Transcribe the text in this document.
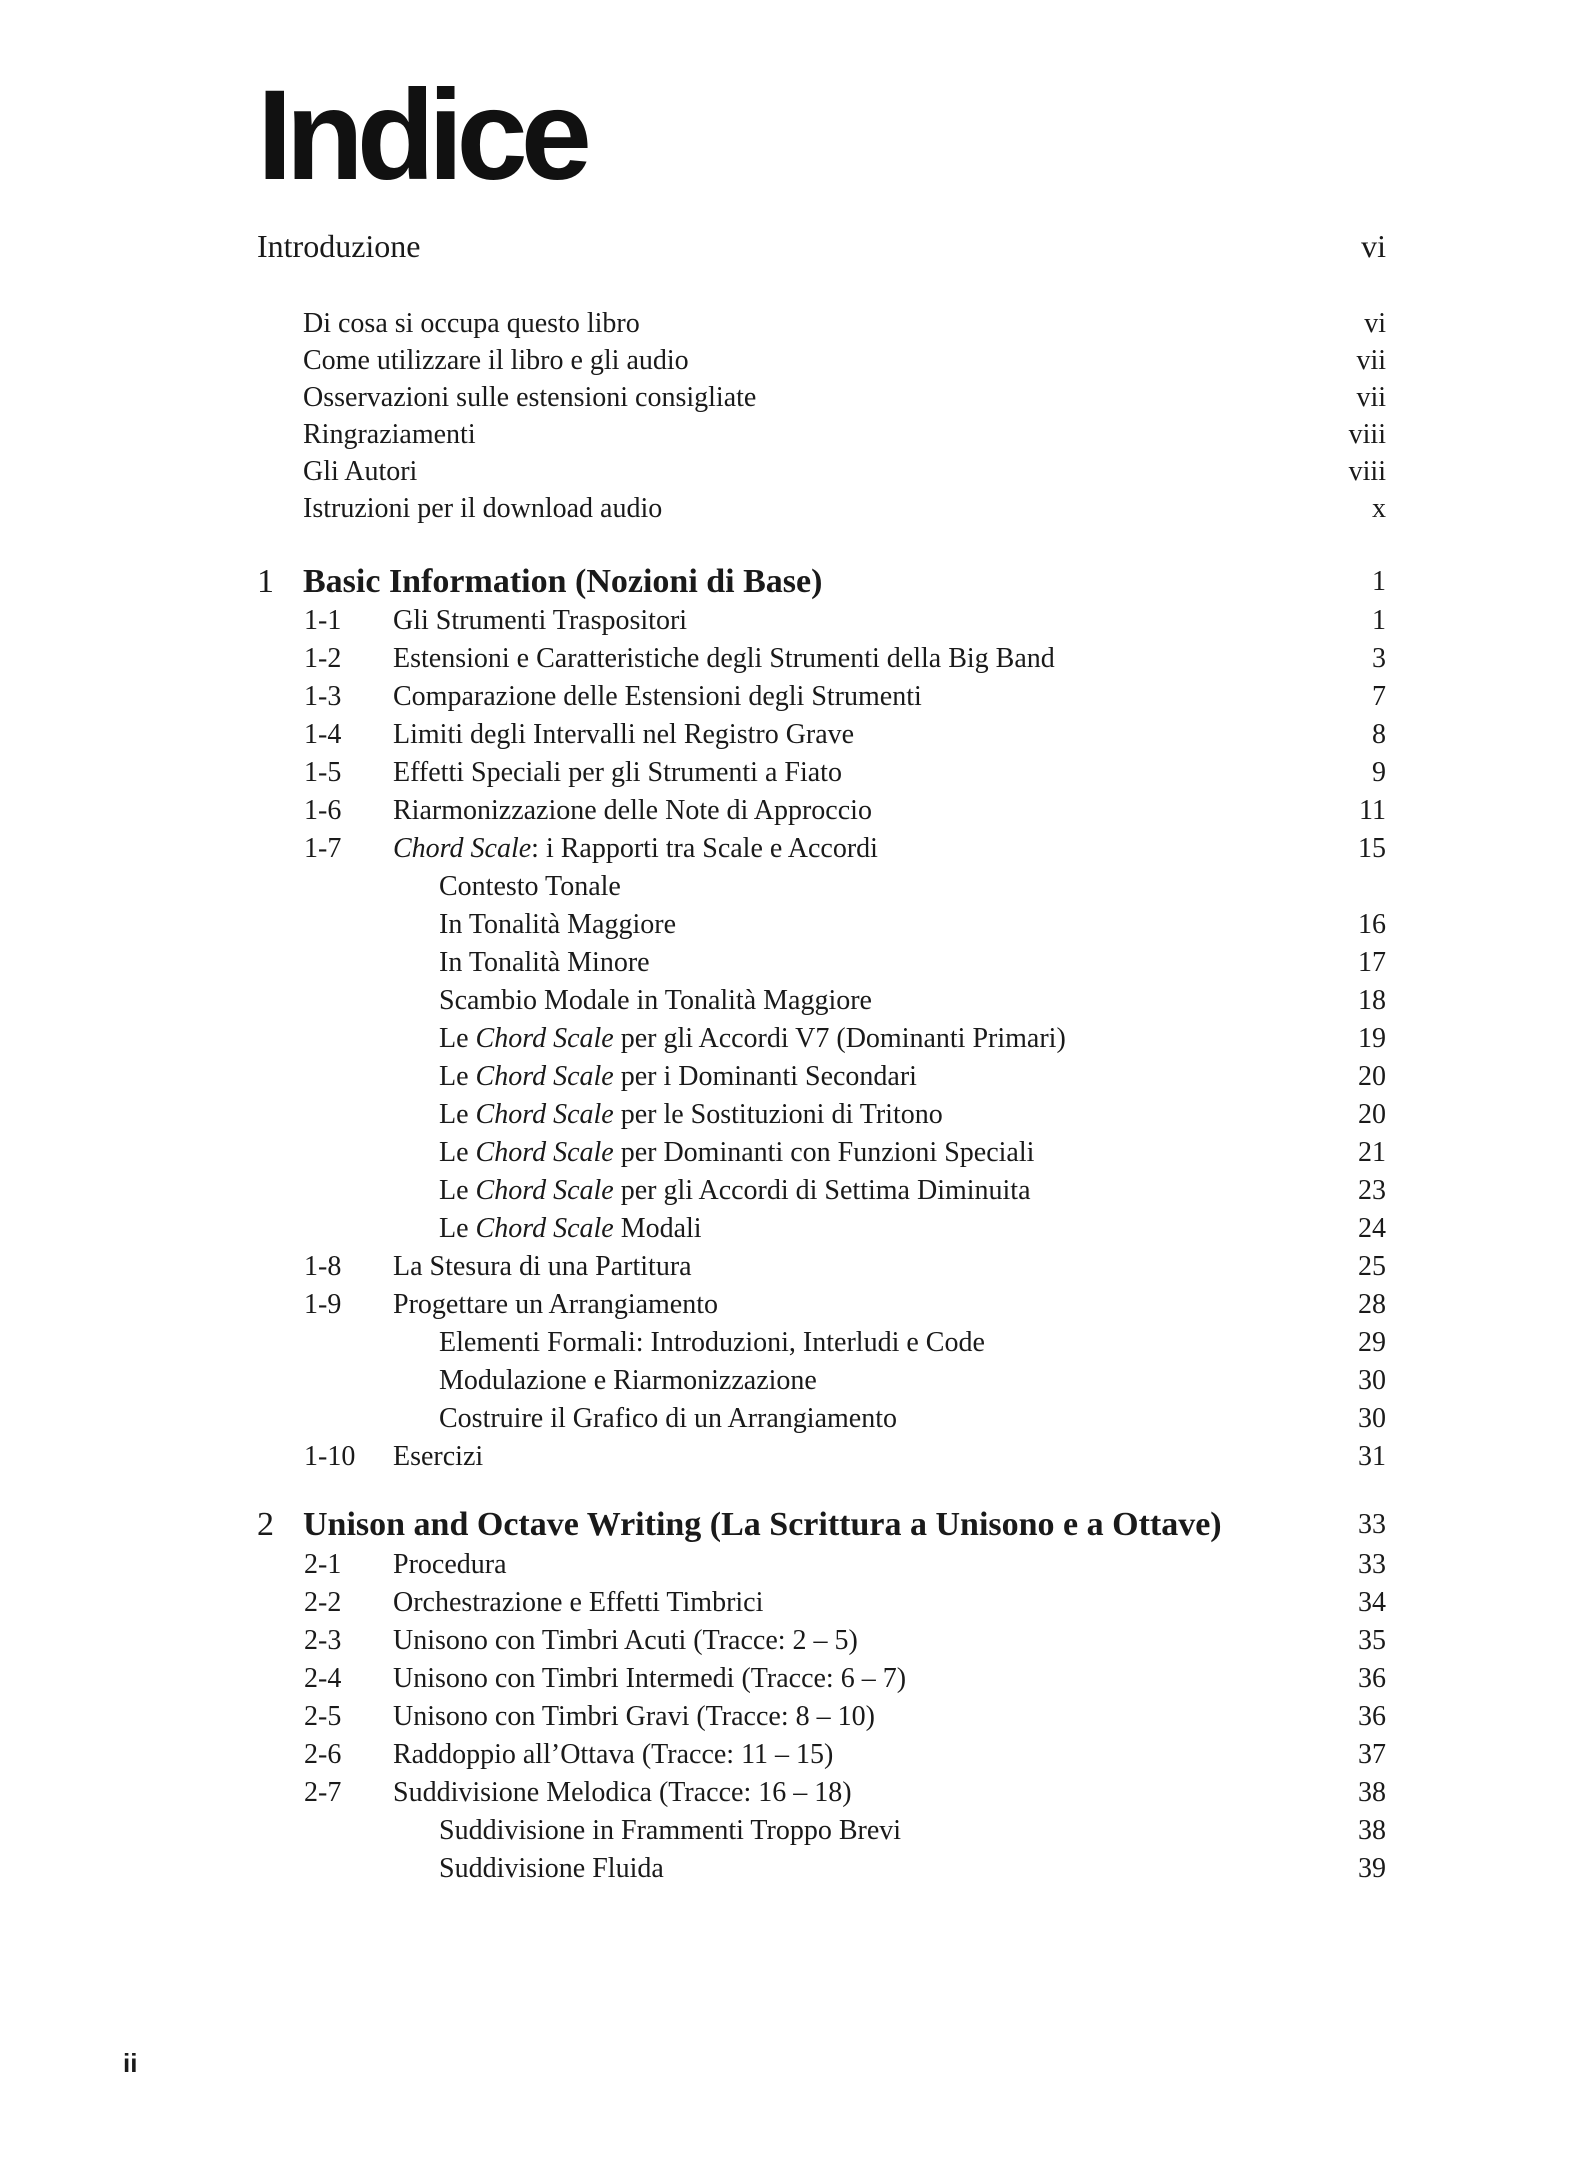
Indice
Introduzione	vi
Di cosa si occupa questo libro	vi
Come utilizzare il libro e gli audio	vii
Osservazioni sulle estensioni consigliate	vii
Ringraziamenti	viii
Gli Autori	viii
Istruzioni per il download audio	x
1 Basic Information (Nozioni di Base)	1
1-1 Gli Strumenti Traspositori	1
1-2 Estensioni e Caratteristiche degli Strumenti della Big Band	3
1-3 Comparazione delle Estensioni degli Strumenti	7
1-4 Limiti degli Intervalli nel Registro Grave	8
1-5 Effetti Speciali per gli Strumenti a Fiato	9
1-6 Riarmonizzazione delle Note di Approccio	11
1-7 Chord Scale: i Rapporti tra Scale e Accordi	15
Contesto Tonale
In Tonalità Maggiore	16
In Tonalità Minore	17
Scambio Modale in Tonalità Maggiore	18
Le Chord Scale per gli Accordi V7 (Dominanti Primari)	19
Le Chord Scale per i Dominanti Secondari	20
Le Chord Scale per le Sostituzioni di Tritono	20
Le Chord Scale per Dominanti con Funzioni Speciali	21
Le Chord Scale per gli Accordi di Settima Diminuita	23
Le Chord Scale Modali	24
1-8 La Stesura di una Partitura	25
1-9 Progettare un Arrangiamento	28
Elementi Formali: Introduzioni, Interludi e Code	29
Modulazione e Riarmonizzazione	30
Costruire il Grafico di un Arrangiamento	30
1-10 Esercizi	31
2 Unison and Octave Writing (La Scrittura a Unisono e a Ottave)	33
2-1 Procedura	33
2-2 Orchestrazione e Effetti Timbrici	34
2-3 Unisono con Timbri Acuti (Tracce: 2 – 5)	35
2-4 Unisono con Timbri Intermedi (Tracce: 6 – 7)	36
2-5 Unisono con Timbri Gravi (Tracce: 8 – 10)	36
2-6 Raddoppio all’Ottava (Tracce: 11 – 15)	37
2-7 Suddivisione Melodica (Tracce: 16 – 18)	38
Suddivisione in Frammenti Troppo Brevi	38
Suddivisione Fluida	39
ii
